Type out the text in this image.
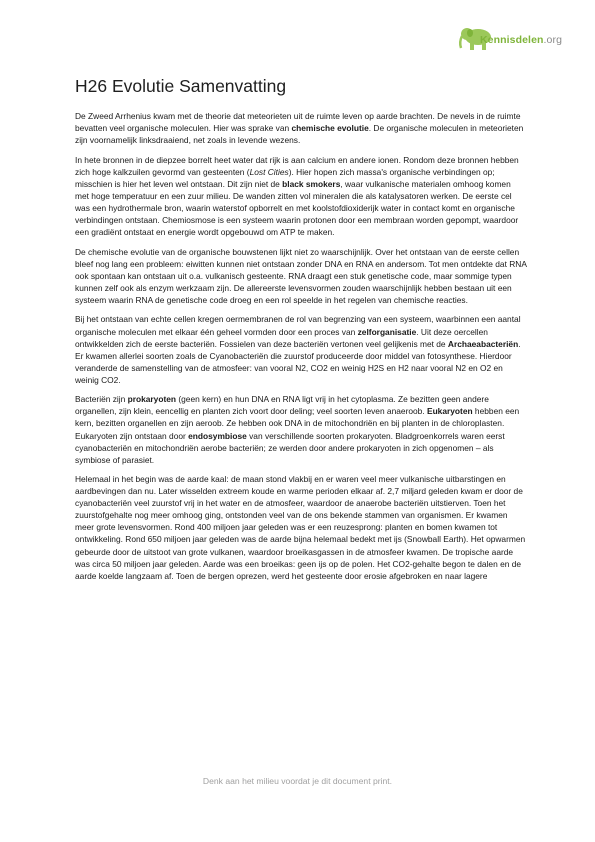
Kennisdelen.org
H26 Evolutie Samenvatting

De Zweed Arrhenius kwam met de theorie dat meteorieten uit de ruimte leven op aarde brachten. De nevels in de ruimte bevatten veel organische moleculen. Hier was sprake van chemische evolutie. De organische moleculen in meteorieten zijn voornamelijk linksdraaiend, net zoals in levende wezens.

In hete bronnen in de diepzee borrelt heet water dat rijk is aan calcium en andere ionen. Rondom deze bronnen hebben zich hoge kalkzuilen gevormd van gesteenten (Lost Cities). Hier hopen zich massa's organische verbindingen op; misschien is hier het leven wel ontstaan. Dit zijn niet de black smokers, waar vulkanische materialen omhoog komen met hoge temperatuur en een zuur milieu. De wanden zitten vol mineralen die als katalysatoren werken. De eerste cel was een hydrothermale bron, waarin waterstof opborrelt en met koolstofdioxiderijk water in contact komt en organische verbindingen ontstaan. Chemiosmose is een systeem waarin protonen door een membraan worden gepompt, waardoor een gradiënt ontstaat en energie wordt opgebouwd om ATP te maken.

De chemische evolutie van de organische bouwstenen lijkt niet zo waarschijnlijk. Over het ontstaan van de eerste cellen bleef nog lang een probleem: eiwitten kunnen niet ontstaan zonder DNA en RNA en andersom. Tot men ontdekte dat RNA ook spontaan kan ontstaan uit o.a. vulkanisch gesteente. RNA draagt een stuk genetische code, maar sommige typen kunnen zelf ook als enzym werkzaam zijn. De allereerste levensvormen zouden waarschijnlijk hebben bestaan uit een systeem waarin RNA de genetische code droeg en een rol speelde in het regelen van chemische reacties.

Bij het ontstaan van echte cellen kregen oermembranen de rol van begrenzing van een systeem, waarbinnen een aantal organische moleculen met elkaar één geheel vormden door een proces van zelforganisatie. Uit deze oercellen ontwikkelden zich de eerste bacteriën. Fossielen van deze bacteriën vertonen veel gelijkenis met de Archaeabacteriën. Er kwamen allerlei soorten zoals de Cyanobacteriën die zuurstof produceerde door middel van fotosynthese. Hierdoor veranderde de samenstelling van de atmosfeer: van vooral N2, CO2 en weinig H2S en H2 naar vooral N2 en O2 en weinig CO2.

Bacteriën zijn prokaryoten (geen kern) en hun DNA en RNA ligt vrij in het cytoplasma. Ze bezitten geen andere organellen, zijn klein, eencellig en planten zich voort door deling; veel soorten leven anaeroob. Eukaryoten hebben een kern, bezitten organellen en zijn aeroob. Ze hebben ook DNA in de mitochondriën en bij planten in de chloroplasten. Eukaryoten zijn ontstaan door endosymbiose van verschillende soorten prokaryoten. Bladgroenkorrels waren eerst cyanobacteriën en mitochondriën aerobe bacteriën; ze werden door andere prokaryoten in zich opgenomen – als symbiose of parasiet.

Helemaal in het begin was de aarde kaal: de maan stond vlakbij en er waren veel meer vulkanische uitbarstingen en aardbevingen dan nu. Later wisselden extreem koude en warme perioden elkaar af. 2,7 miljard geleden kwam er door de cyanobacteriën veel zuurstof vrij in het water en de atmosfeer, waardoor de anaerobe bacteriën uitstierven. Toen het zuurstofgehalte nog meer omhoog ging, ontstonden veel van de ons bekende stammen van organismen. Er kwamen meer grote levensvormen. Rond 400 miljoen jaar geleden was er een reuzesprong: planten en bomen kwamen tot ontwikkeling. Rond 650 miljoen jaar geleden was de aarde bijna helemaal bedekt met ijs (Snowball Earth). Het opwarmen gebeurde door de uitstoot van grote vulkanen, waardoor broeikasgassen in de atmosfeer kwamen. De tropische aarde was circa 50 miljoen jaar geleden. Aarde was een broeikas: geen ijs op de polen. Het CO2-gehalte begon te dalen en de aarde koelde langzaam af. Toen de bergen oprezen, werd het gesteente door erosie afgebroken en naar lagere

Denk aan het milieu voordat je dit document print.
